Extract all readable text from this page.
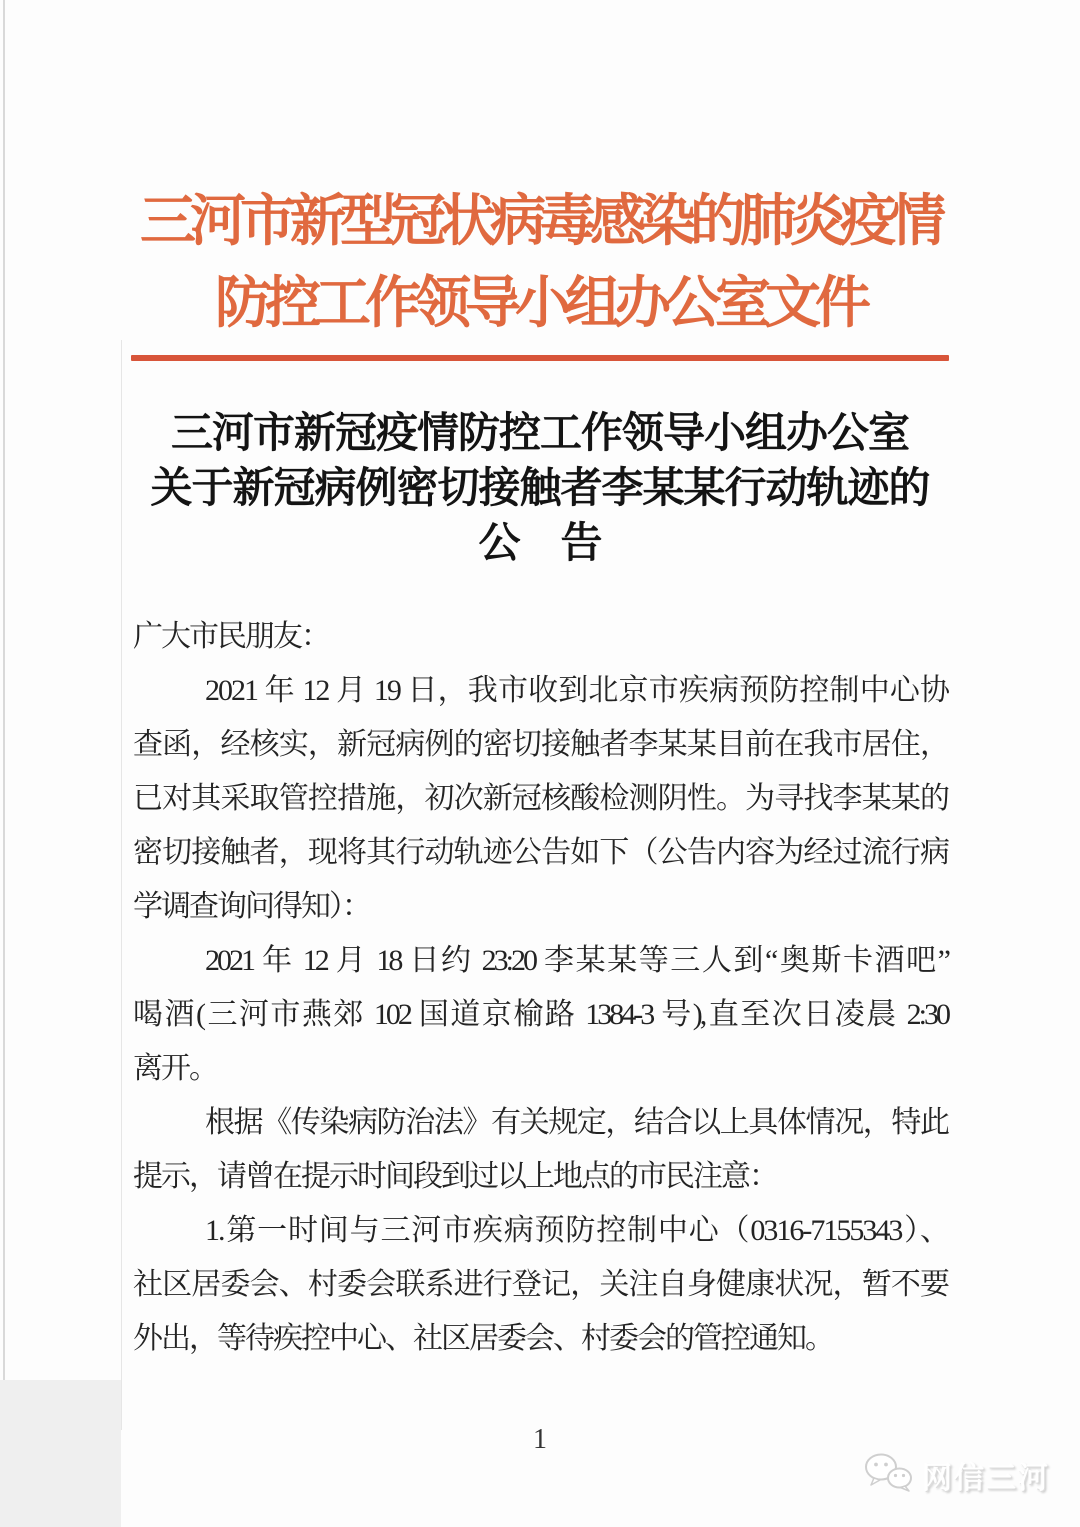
三河市新型冠状病毒感染的肺炎疫情
防控工作领导小组办公室文件
三河市新冠疫情防控工作领导小组办公室
关于新冠病例密切接触者李某某行动轨迹的
公　告
广大市民朋友：
2021 年 12 月 19 日，我市收到北京市疾病预防控制中心协
查函，经核实，新冠病例的密切接触者李某某目前在我市居住，
已对其采取管控措施，初次新冠核酸检测阴性。为寻找李某某的
密切接触者，现将其行动轨迹公告如下（公告内容为经过流行病
学调查询问得知）：
2021 年 12 月 18 日约 23:20 李某某等三人到“奥斯卡酒吧”
喝酒(三河市燕郊 102 国道京榆路 1384-3 号),直至次日凌晨 2:30
离开。
根据《传染病防治法》有关规定，结合以上具体情况，特此
提示，请曾在提示时间段到过以上地点的市民注意：
1.第一时间与三河市疾病预防控制中心（0316-7155343）、
社区居委会、村委会联系进行登记，关注自身健康状况，暂不要
外出，等待疾控中心、社区居委会、村委会的管控通知。
1
网信三河
